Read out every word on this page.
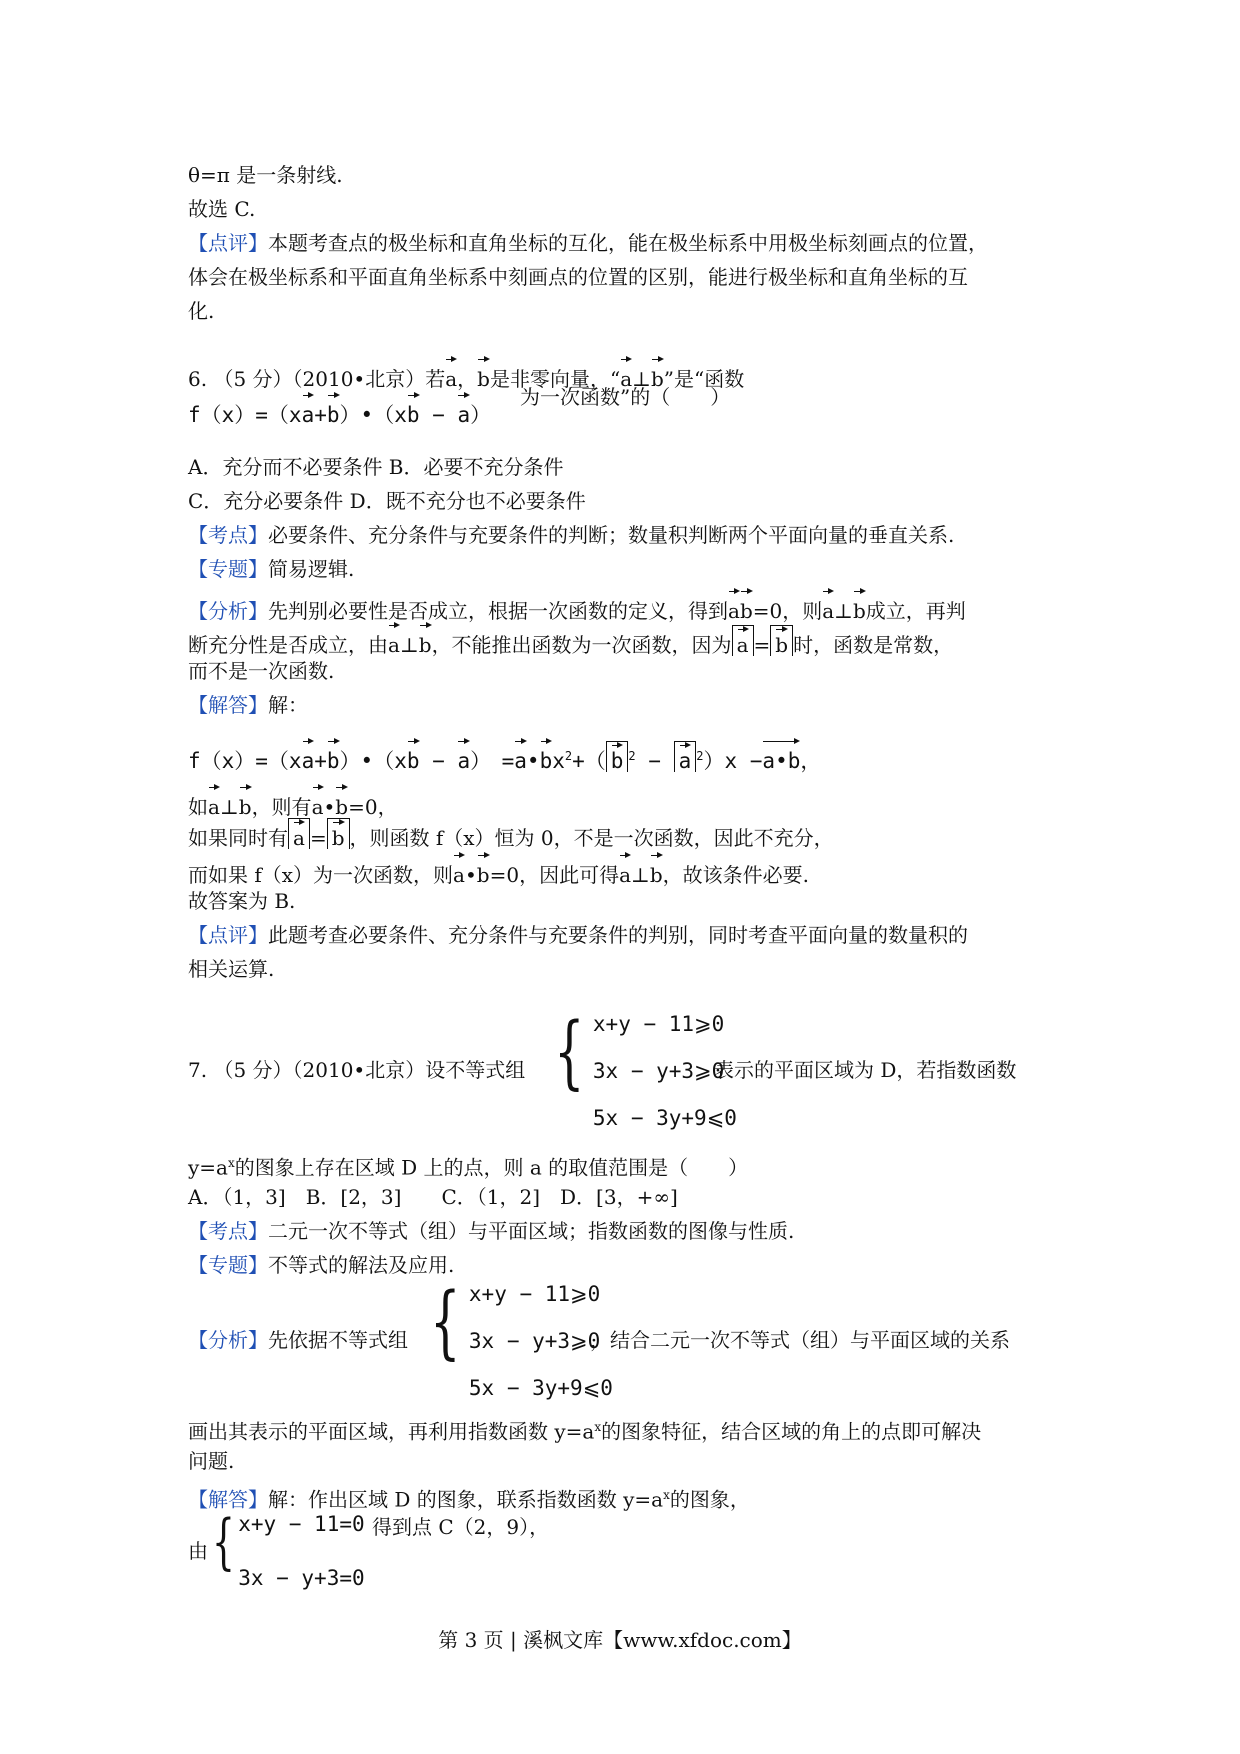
θ=π 是一条射线.
故选 C.
【点评】本题考查点的极坐标和直角坐标的互化，能在极坐标系中用极坐标刻画点的位置，
体会在极坐标系和平面直角坐标系中刻画点的位置的区别，能进行极坐标和直角坐标的互
化.
6. （5 分）（2010•北京）若a，b是非零向量，“a⊥b”是“函数
f（x）=（xa+b）•（xb − a）
为一次函数”的（　　）
A．充分而不必要条件 B．必要不充分条件
C．充分必要条件 D．既不充分也不必要条件
【考点】必要条件、充分条件与充要条件的判断；数量积判断两个平面向量的垂直关系.
【专题】简易逻辑.
【分析】先判别必要性是否成立，根据一次函数的定义，得到ab=0，则a⊥b成立，再判
断充分性是否成立，由a⊥b，不能推出函数为一次函数，因为 a = b 时，函数是常数，
而不是一次函数.
【解答】解：
f（x）=（xa+b）•（xb − a）　$=a•bx^2+$（ b $^2$ − a $^2$）x −a•b，
如a⊥b，则有a•b=0，
如果同时有 a = b ，则函数 f（x）恒为 0，不是一次函数，因此不充分，
而如果 f（x）为一次函数，则a•b=0，因此可得a⊥b，故该条件必要.
故答案为 B.
【点评】此题考查必要条件、充分条件与充要条件的判别，同时考查平面向量的数量积的
相关运算.
7. （5 分）（2010•北京）设不等式组 { x+y − 11⩾0
3x − y+3⩾0
5x − 3y+9⩽0
表示的平面区域为 D，若指数函数
$y=a^x$的图象上存在区域 D 上的点，则 a 的取值范围是（　　）
A．（1，3]　B．[2，3]　　C．（1，2]　D．[3，+∞]
【考点】二元一次不等式（组）与平面区域；指数函数的图像与性质.
【专题】不等式的解法及应用.
【分析】先依据不等式组 { x+y − 11⩾0
3x − y+3⩾0
5x − 3y+9⩽0
，结合二元一次不等式（组）与平面区域的关系
画出其表示的平面区域，再利用指数函数 $y=a^x$的图象特征，结合区域的角上的点即可解决
问题.
【解答】解：作出区域 D 的图象，联系指数函数 $y=a^x$的图象，
由 { x+y − 11=0
3x − y+3=0
得到点 C（2，9），
第 3 页 | 溪枫文库【www.xfdoc.com】
